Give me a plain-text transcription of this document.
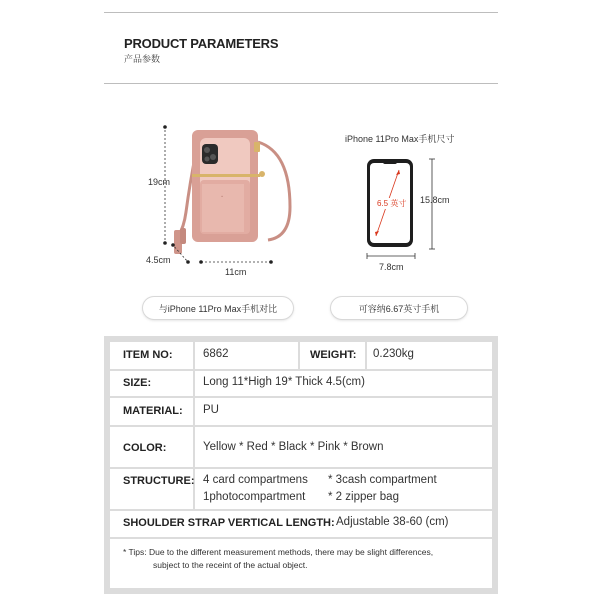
PRODUCT PARAMETERS
产品参数
•
19cm
4.5cm
11cm
iPhone 11Pro Max手机尺寸
6.5 英寸 15.8cm
7.8cm
与iPhone 11Pro Max手机对比	可容纳6.67英寸手机
ITEM NO:	6862	WEIGHT: 0.230kg
SIZE:	Long 11*High 19* Thick 4.5(cm)
MATERIAL: PU
COLOR:	Yellow * Red * Black * Pink * Brown
STRUCTURE: 4 card compartmens * 3cash compartment
1photocompartment * 2 zipper bag
SHOULDER STRAP VERTICAL LENGTH: Adjustable 38-60 (cm)
* Tips: Due to the different measurement methods, there may be slight differences,
subject to the receint of the actual object.
